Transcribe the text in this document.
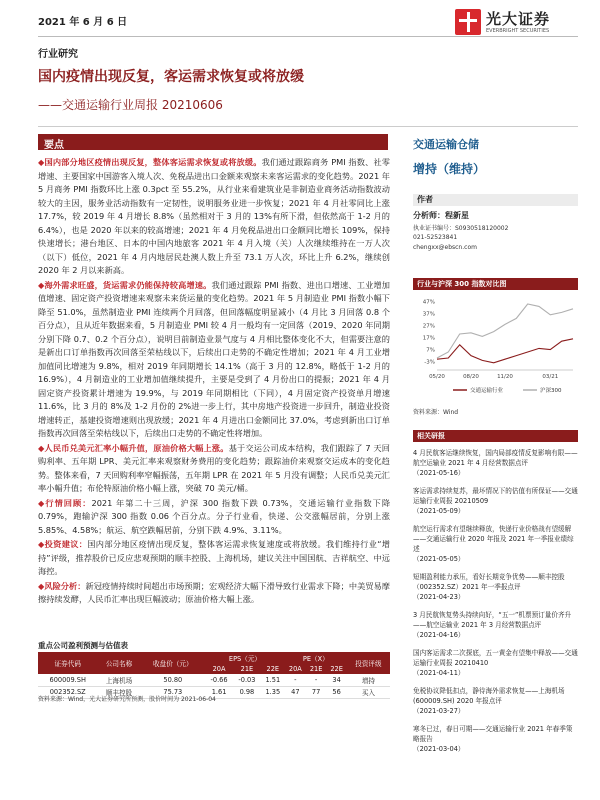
2021 年 6 月 6 日	光大证券
EVERBRIGHT SECURITIES
行业研究
国内疫情出现反复，客运需求恢复或将放缓
——交通运输行业周报 20210606
要点

◆国内部分地区疫情出现反复，整体客运需求恢复或将放缓。我们通过跟踪商务 PMI 指数、社零增速、主要国家中国游客入境人次、免税品进出口金额来观察未来客运需求的变化趋势。2021 年 5 月商务 PMI 指数环比上涨 0.3pct 至 55.2%，从行业来看建筑业是非制造业商务活动指数波动较大的主因，服务业活动指数有一定韧性，说明服务业进一步恢复；2021 年 4 月社零同比上涨 17.7%，较 2019 年 4 月增长 8.8%（虽然相对于 3 月的 13%有所下滑，但依然高于 1-2 月的 6.4%），也是 2020 年以来的较高增速；2021 年 4 月免税品进出口金额同比增长 109%，保持快速增长；港台地区、日本的中国内地旅客 2021 年 4 月入境（关）人次继续维持在一万人次（以下）低位，2021 年 4 月内地居民赴澳人数上升至 73.1 万人次，环比上升 6.2%，继续创 2020 年 2 月以来新高。

◆海外需求旺盛，货运需求仍能保持较高增速。我们通过跟踪 PMI 指数、进出口增速、工业增加值增速、固定资产投资增速来观察未来货运量的变化趋势。2021 年 5 月制造业 PMI 指数小幅下降至 51.0%，虽然制造业 PMI 连续两个月回落，但回落幅度明显减小（4 月比 3 月回落 0.8 个百分点），且从近年数据来看，5 月制造业 PMI 较 4 月一般均有一定回落（2019、2020 年同期分别下降 0.7、0.2 个百分点），说明目前制造业景气度与 4 月相比整体变化不大，但需要注意的是新出口订单指数再次回落至荣枯线以下，后续出口走势的不确定性增加；2021 年 4 月工业增加值同比增速为 9.8%，相对 2019 年同期增长 14.1%（高于 3 月的 12.8%，略低于 1-2 月的 16.9%），4 月制造业的工业增加值继续提升，主要是受到了 4 月份出口的提振；2021 年 4 月固定资产投资累计增速为 19.9%，与 2019 年同期相比（下同），4 月固定资产投资单月增速 11.6%，比 3 月的 8%及 1-2 月份的 2%进一步上行，其中房地产投资进一步回升，制造业投资增速转正，基建投资增速则出现放缓；2021 年 4 月进出口金额同比 37.0%，考虑到新出口订单指数再次回落至荣枯线以下，后续出口走势的不确定性将增加。

◆人民币兑美元汇率小幅升值，原油价格大幅上涨。基于交运公司成本结构，我们跟踪了 7 天回购利率、五年期 LPR、美元汇率来观察财务费用的变化趋势；跟踪油价来观察交运成本的变化趋势。整体来看，7 天回购利率窄幅振荡，五年期 LPR 在 2021 年 5 月没有调整；人民币兑美元汇率小幅升值；布伦特原油价格小幅上涨，突破 70 美元/桶。

◆行情回顾：2021 年第二十三周，沪深 300 指数下跌 0.73%，交通运输行业指数下降 0.79%，跑输沪深 300 指数 0.06 个百分点。分子行业看，快递、公交涨幅居前，分别上涨 5.85%、4.58%；航运、航空跌幅居前，分别下跌 4.9%、3.11%。

◆投资建议：国内部分地区疫情出现反复，整体客运需求恢复速度或将放缓。我们维持行业“增持”评级，推荐股价已反应悲观预期的顺丰控股、上海机场，建议关注中国国航、吉祥航空、中远海控。

◆风险分析：新冠疫情持续时间超出市场预期；宏观经济大幅下滑导致行业需求下降；中美贸易摩擦持续发酵，人民币汇率出现巨幅波动；原油价格大幅上涨。

重点公司盈利预测与估值表
证券代码	公司名称	收盘价（元）	EPS（元）			PE（X）			投资评级
			20A	21E	22E	20A	21E	22E	
600009.SH	上海机场	50.80	-0.66	-0.03	1.51	-	-	34	增持
002352.SZ	顺丰控股	75.73	1.61	0.98	1.35	47	77	56	买入
资料来源：Wind，光大证券研究所预测，股价时间为 2021-06-04
交通运输仓储
增持（维持）
作者
分析师：程新星
执业证书编号：S0930518120002
021-52523841
chengxx@ebscn.com
行业与沪深 300 指数对比图
47%
37%
27%
17%
7%
-3%
05/20	08/20	11/20	03/21
交通运输行业	沪深300
资料来源：Wind
相关研报
4 月民航客运继续恢复，国内局部疫情反复影响有限——航空运输业 2021 年 4 月经营数据点评
（2021-05-16）
客运需求持续复苏，最坏情况下的估值有所保证——交通运输行业周报 20210509
（2021-05-09）
航空运行需求有望继续释放，快递行业价格战有望缓解——交通运输行业 2020 年报及 2021 年一季报业绩综述
（2021-05-05）
短期盈利能力承压，看好长期竞争优势——顺丰控股（002352.SZ）2021 年一季报点评
（2021-04-23）
3 月民航恢复势头持续向好，“五一”机票预订量价齐升——航空运输业 2021 年 3 月经营数据点评
（2021-04-16）
国内客运需求二次探底，五一黄金有望集中释放——交通运输行业周报 20210410
（2021-04-11）
免税协议降低扣点，静待海外需求恢复——上海机场(600009.SH) 2020 年报点评
（2021-03-27）
寒冬已过，春日可期——交通运输行业 2021 年春季策略报告
（2021-03-04）
